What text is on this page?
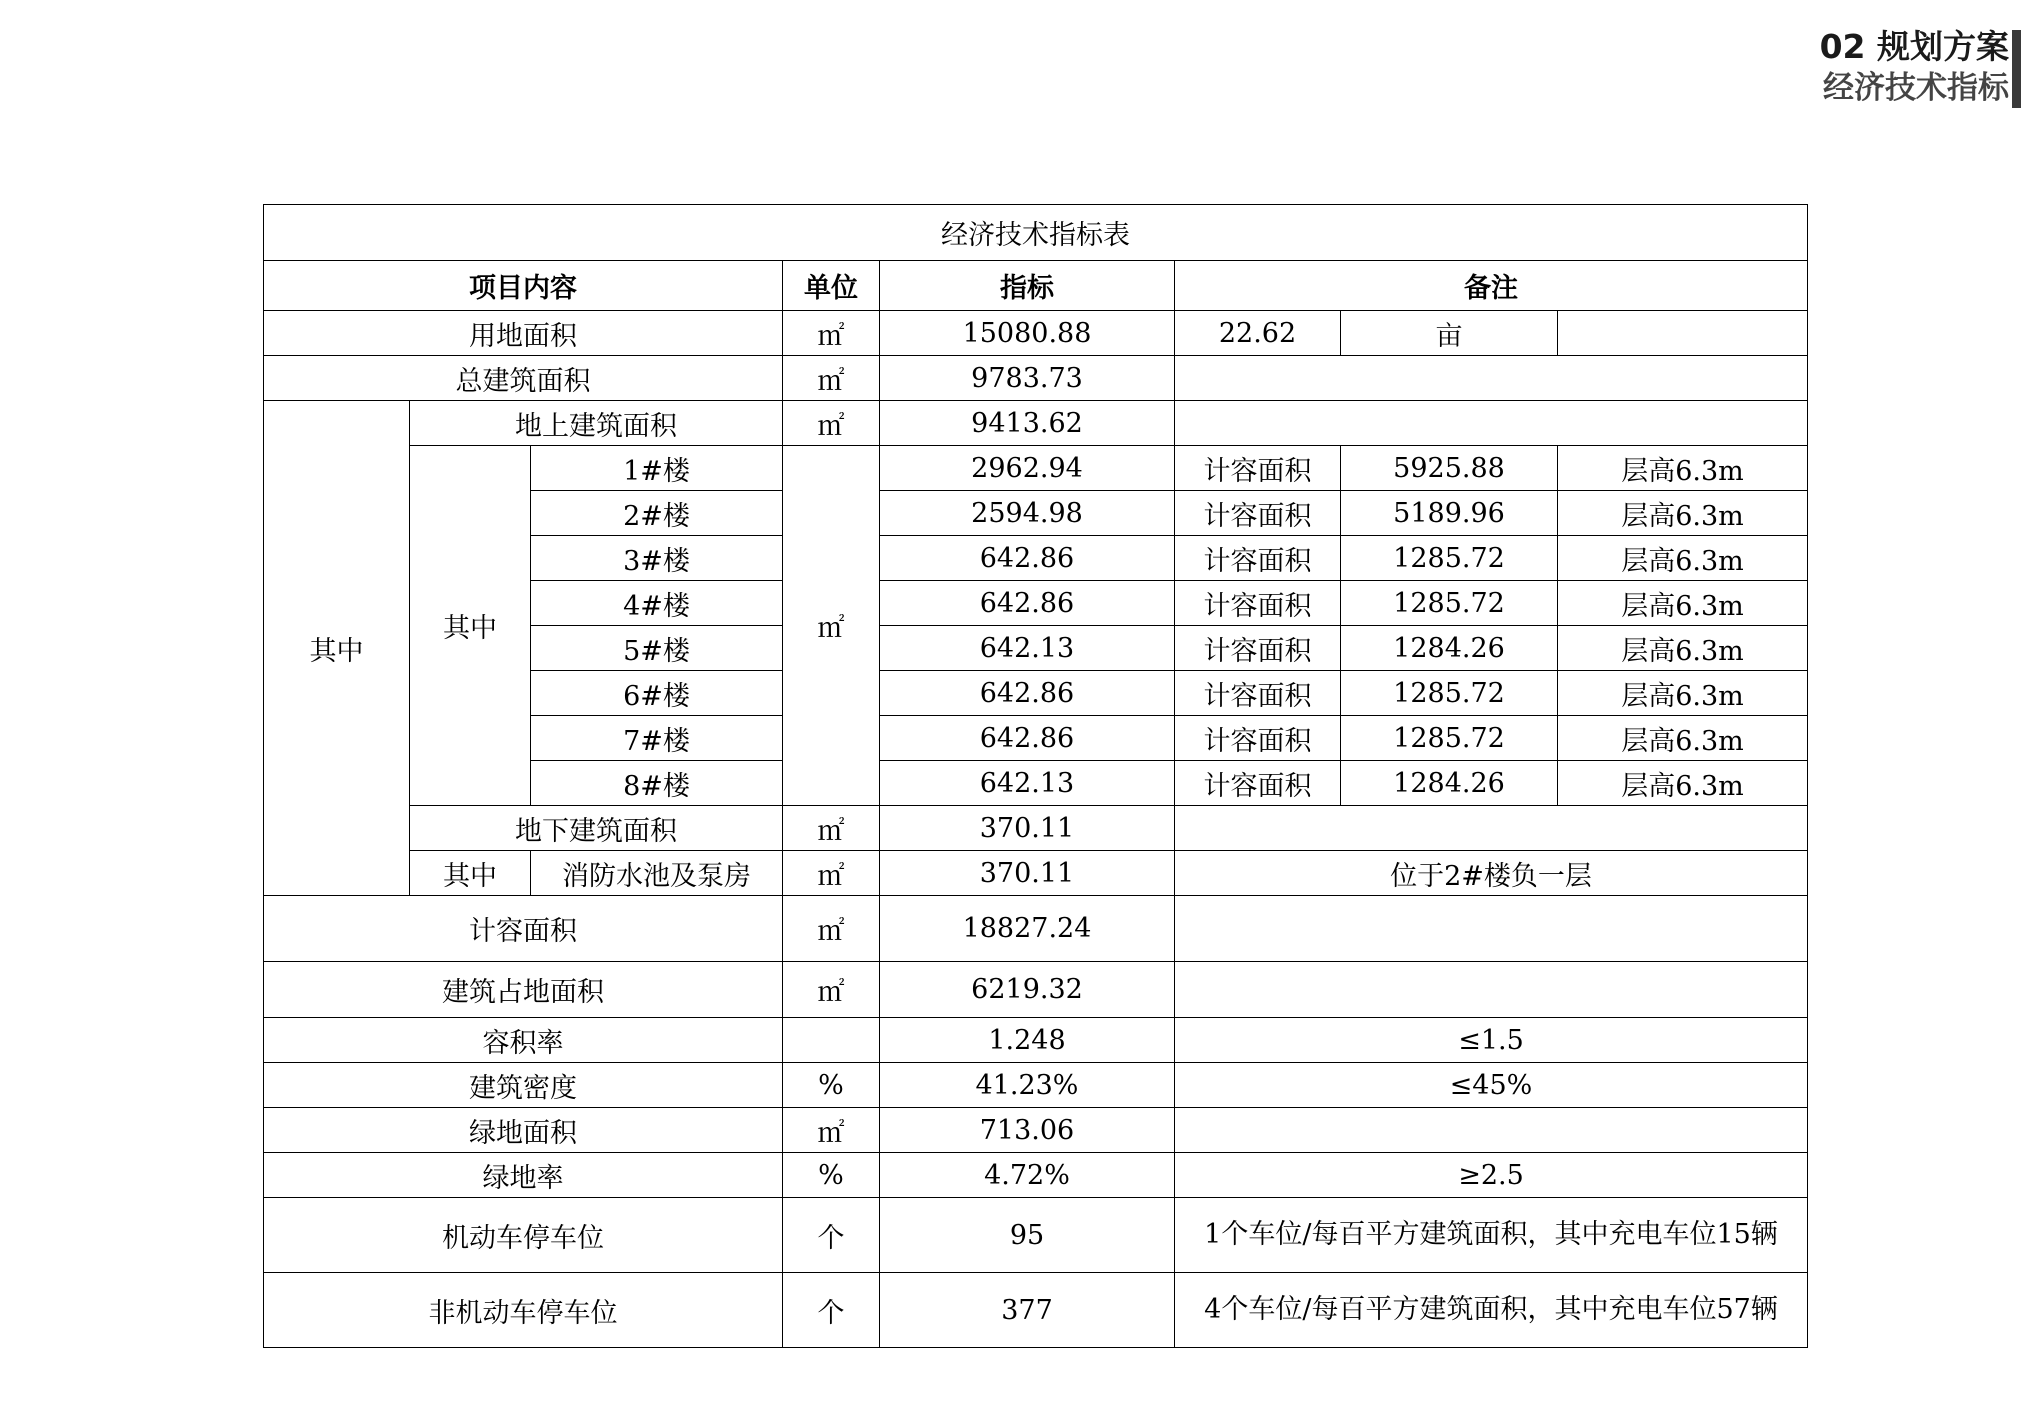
02 规划方案
经济技术指标
经济技术指标表							
项目内容			单位	指标	备注		
用地面积			㎡	15080.88	22.62	亩	
总建筑面积			㎡	9783.73			
其中	地上建筑面积		㎡	9413.62			
	其中	1#楼	㎡	2962.94	计容面积	5925.88	层高6.3m
		2#楼		2594.98	计容面积	5189.96	层高6.3m
		3#楼		642.86	计容面积	1285.72	层高6.3m
		4#楼		642.86	计容面积	1285.72	层高6.3m
		5#楼		642.13	计容面积	1284.26	层高6.3m
		6#楼		642.86	计容面积	1285.72	层高6.3m
		7#楼		642.86	计容面积	1285.72	层高6.3m
		8#楼		642.13	计容面积	1284.26	层高6.3m
	地下建筑面积		㎡	370.11			
	其中	消防水池及泵房	㎡	370.11	位于2#楼负一层		
计容面积			㎡	18827.24			
建筑占地面积			㎡	6219.32			
容积率				1.248	≤1.5		
建筑密度			%	41.23%	≤45%		
绿地面积			㎡	713.06			
绿地率			%	4.72%	≥2.5		
机动车停车位			个	95	1个车位/每百平方建筑面积，其中充电车位15辆		
非机动车停车位			个	377	4个车位/每百平方建筑面积，其中充电车位57辆		
